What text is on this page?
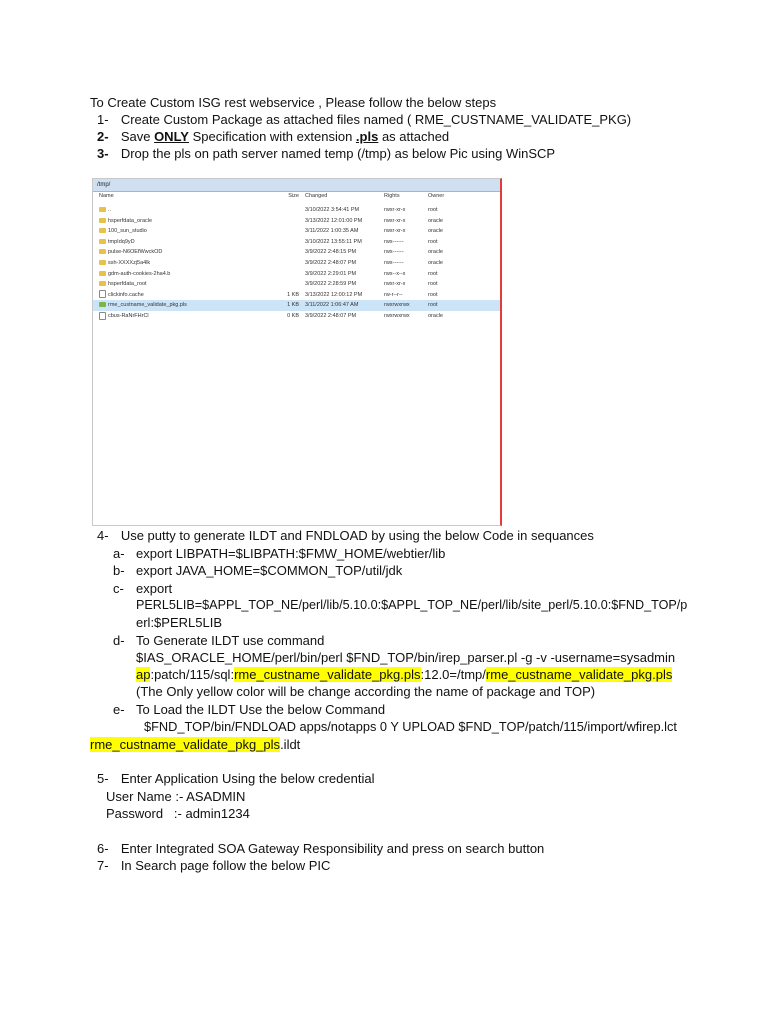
To Create Custom ISG rest webservice , Please follow the below steps
1- Create Custom Package as attached files named ( RME_CUSTNAME_VALIDATE_PKG)
2- Save ONLY Specification with extension .pls as attached
3- Drop the pls on path server named temp (/tmp) as below Pic using WinSCP
/tmp/
Name	Size Changed	Rights	Owner
..	3/10/2022 3:54:41 PM	rwxr-xr-x	root
hsperfdata_oracle	3/13/2022 12:01:00 PM	rwxr-xr-x	oracle
100_sun_studio	3/11/2022 1:00:35 AM	rwxr-xr-x	oracle
tmpIdq9yD	3/10/2022 13:55:11 PM	rwx------	root
pulse-N6OEfWwckOD	3/9/2022 2:48:15 PM	rwx------	oracle
ssh-XXXXzj5a4lk	3/9/2022 2:48:07 PM	rwx------	oracle
gdm-auth-cookies-2ha4.b	3/9/2022 2:29:01 PM	rwx--x--x	root
hsperfdata_root	3/9/2022 2:28:59 PM	rwxr-xr-x	root
clickinfo.cache	1 KB 3/13/2022 12:00:12 PM	rw-r--r--	root
rme_custname_validate_pkg.pls	1 KB 3/11/2022 1:06:47 AM	rwxrwxrwx	root
cbus-RaNrFHrCl	0 KB 3/9/2022 2:48:07 PM	rwxrwxrwx	oracle
4- Use putty to generate ILDT and FNDLOAD by using the below Code in sequances
a- export LIBPATH=$LIBPATH:$FMW_HOME/webtier/lib
b- export JAVA_HOME=$COMMON_TOP/util/jdk
c- export
PERL5LIB=$APPL_TOP_NE/perl/lib/5.10.0:$APPL_TOP_NE/perl/lib/site_perl/5.10.0:$FND_TOP/p
erl:$PERL5LIB
d- To Generate ILDT use command
$IAS_ORACLE_HOME/perl/bin/perl $FND_TOP/bin/irep_parser.pl -g -v -username=sysadmin
ap:patch/115/sql:rme_custname_validate_pkg.pls:12.0=/tmp/rme_custname_validate_pkg.pls
(The Only yellow color will be change according the name of package and TOP)
e- To Load the ILDT Use the below Command
$FND_TOP/bin/FNDLOAD apps/notapps 0 Y UPLOAD $FND_TOP/patch/115/import/wfirep.lct
rme_custname_validate_pkg_pls.ildt
5- Enter Application Using the below credential
User Name :- ASADMIN
Password   :- admin1234
6- Enter Integrated SOA Gateway Responsibility and press on search button
7- In Search page follow the below PIC
